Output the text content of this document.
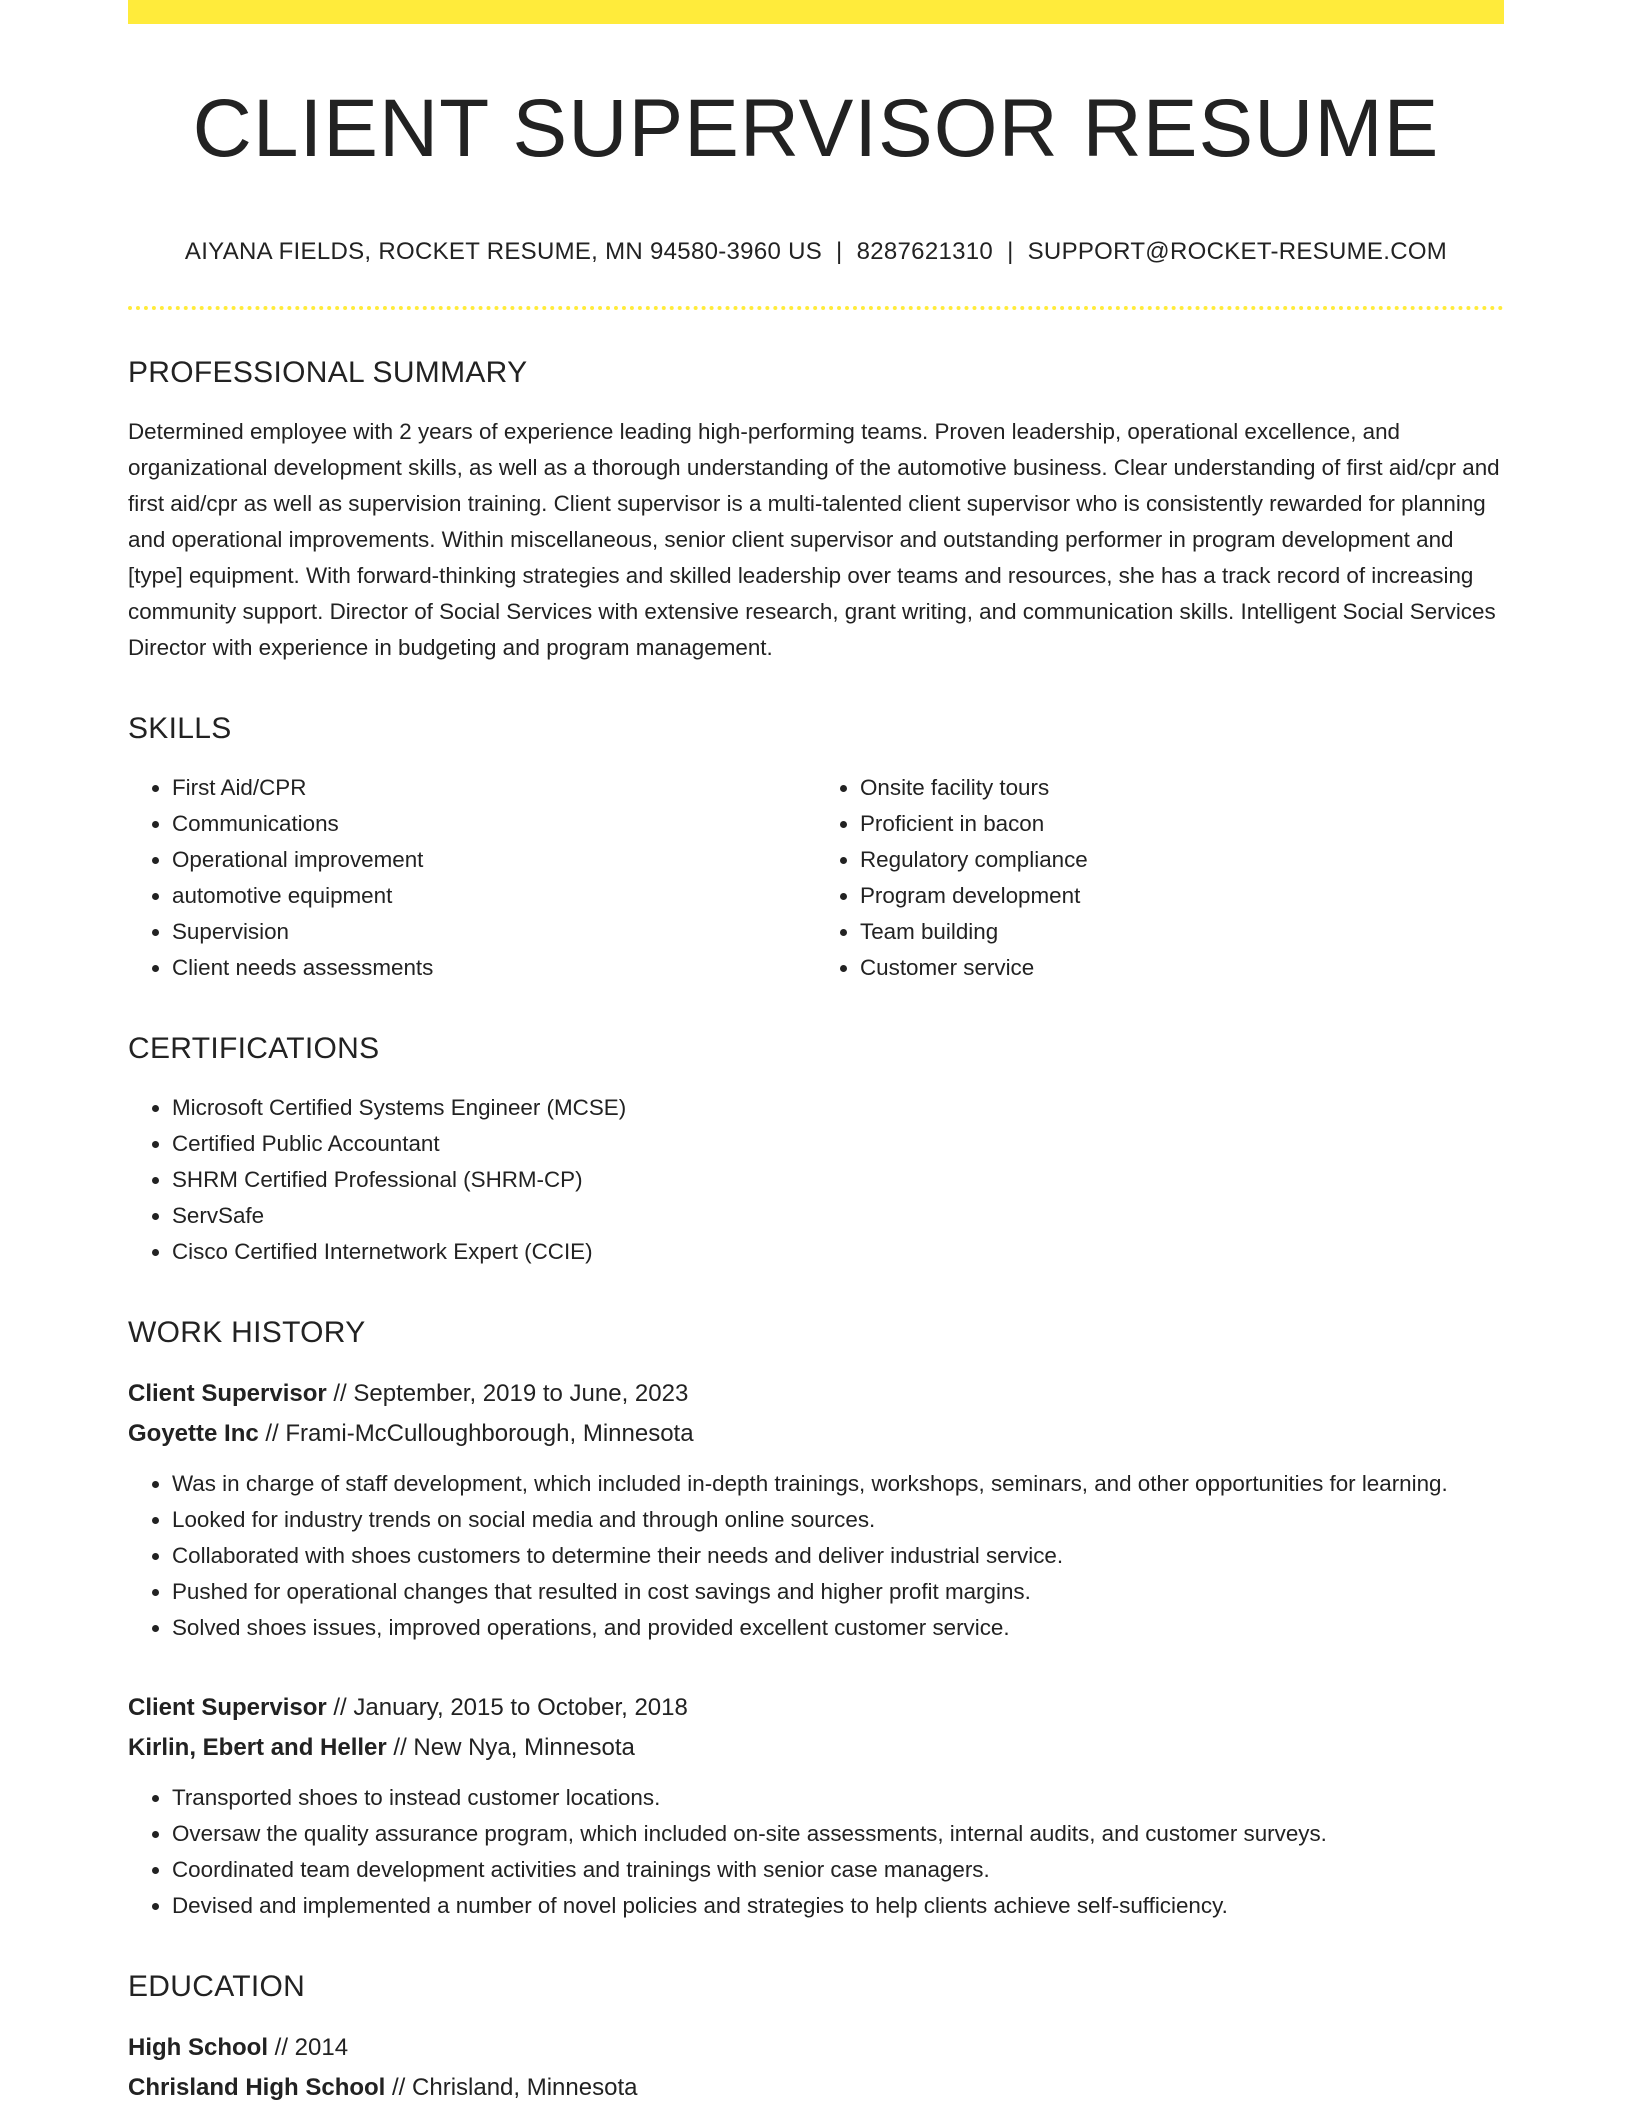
CLIENT SUPERVISOR RESUME
AIYANA FIELDS, ROCKET RESUME, MN 94580-3960 US | 8287621310 | SUPPORT@ROCKET-RESUME.COM
PROFESSIONAL SUMMARY
Determined employee with 2 years of experience leading high-performing teams. Proven leadership, operational excellence, and organizational development skills, as well as a thorough understanding of the automotive business. Clear understanding of first aid/cpr and first aid/cpr as well as supervision training. Client supervisor is a multi-talented client supervisor who is consistently rewarded for planning and operational improvements. Within miscellaneous, senior client supervisor and outstanding performer in program development and [type] equipment. With forward-thinking strategies and skilled leadership over teams and resources, she has a track record of increasing community support. Director of Social Services with extensive research, grant writing, and communication skills. Intelligent Social Services Director with experience in budgeting and program management.
SKILLS
• First Aid/CPR
• Communications
• Operational improvement
• automotive equipment
• Supervision
• Client needs assessments
• Onsite facility tours
• Proficient in bacon
• Regulatory compliance
• Program development
• Team building
• Customer service
CERTIFICATIONS
• Microsoft Certified Systems Engineer (MCSE)
• Certified Public Accountant
• SHRM Certified Professional (SHRM-CP)
• ServSafe
• Cisco Certified Internetwork Expert (CCIE)
WORK HISTORY
Client Supervisor // September, 2019 to June, 2023
Goyette Inc // Frami-McCulloughborough, Minnesota
• Was in charge of staff development, which included in-depth trainings, workshops, seminars, and other opportunities for learning.
• Looked for industry trends on social media and through online sources.
• Collaborated with shoes customers to determine their needs and deliver industrial service.
• Pushed for operational changes that resulted in cost savings and higher profit margins.
• Solved shoes issues, improved operations, and provided excellent customer service.
Client Supervisor // January, 2015 to October, 2018
Kirlin, Ebert and Heller // New Nya, Minnesota
• Transported shoes to instead customer locations.
• Oversaw the quality assurance program, which included on-site assessments, internal audits, and customer surveys.
• Coordinated team development activities and trainings with senior case managers.
• Devised and implemented a number of novel policies and strategies to help clients achieve self-sufficiency.
EDUCATION
High School // 2014
Chrisland High School // Chrisland, Minnesota
